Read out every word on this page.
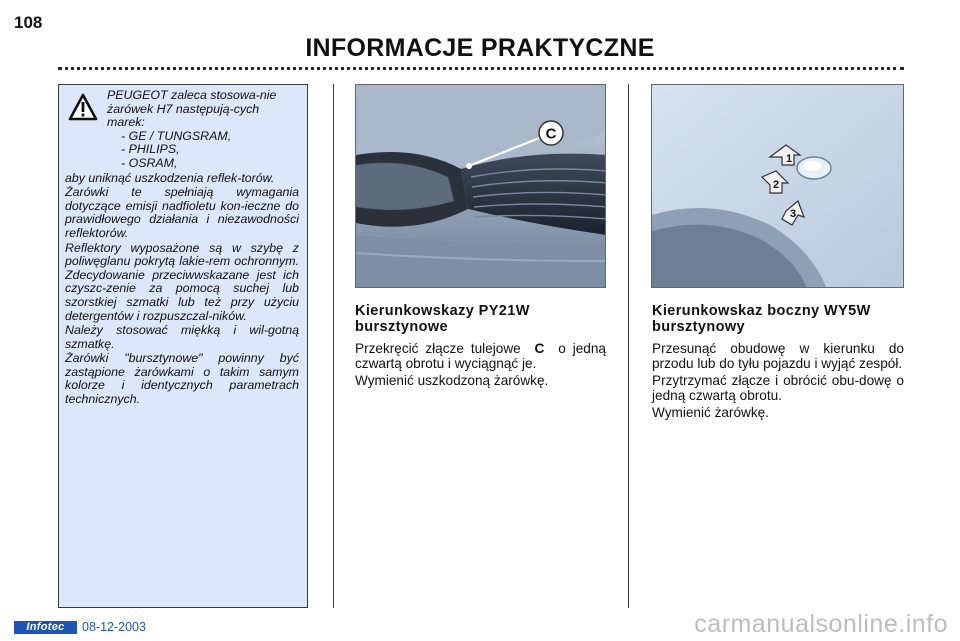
108
INFORMACJE PRAKTYCZNE
PEUGEOT zaleca stosowa-nie żarówek H7 następują-cych marek:
- GE / TUNGSRAM,
- PHILIPS,
- OSRAM,

aby uniknąć uszkodzenia reflek-torów.

Żarówki te spełniają wymagania dotyczące emisji nadfioletu kon-ieczne do prawidłowego działania i niezawodności reflektorów.

Reflektory wyposażone są w szybę z poliwęglanu pokrytą lakie-rem ochronnym. Zdecydowanie przeciwwskazane jest ich czyszc-zenie za pomocą suchej lub szorstkiej szmatki lub też przy użyciu detergentów i rozpuszczal-ników.

Należy stosować miękką i wil-gotną szmatkę.

Żarówki "bursztynowe" powinny być zastąpione żarówkami o takim samym kolorze i identycznych parametrach technicznych.

C
Kierunkowskazy PY21W bursztynowe

Przekręcić złącze tulejowe C o jedną czwartą obrotu i wyciągnąć je.

Wymienić uszkodzoną żarówkę.

1
2
3
Kierunkowskaz boczny WY5W bursztynowy

Przesunąć obudowę w kierunku do przodu lub do tyłu pojazdu i wyjąć zespół.

Przytrzymać złącze i obrócić obu-dowę o jedną czwartą obrotu.

Wymienić żarówkę.

Infotec	08-12-2003	carmanualsonline.info
